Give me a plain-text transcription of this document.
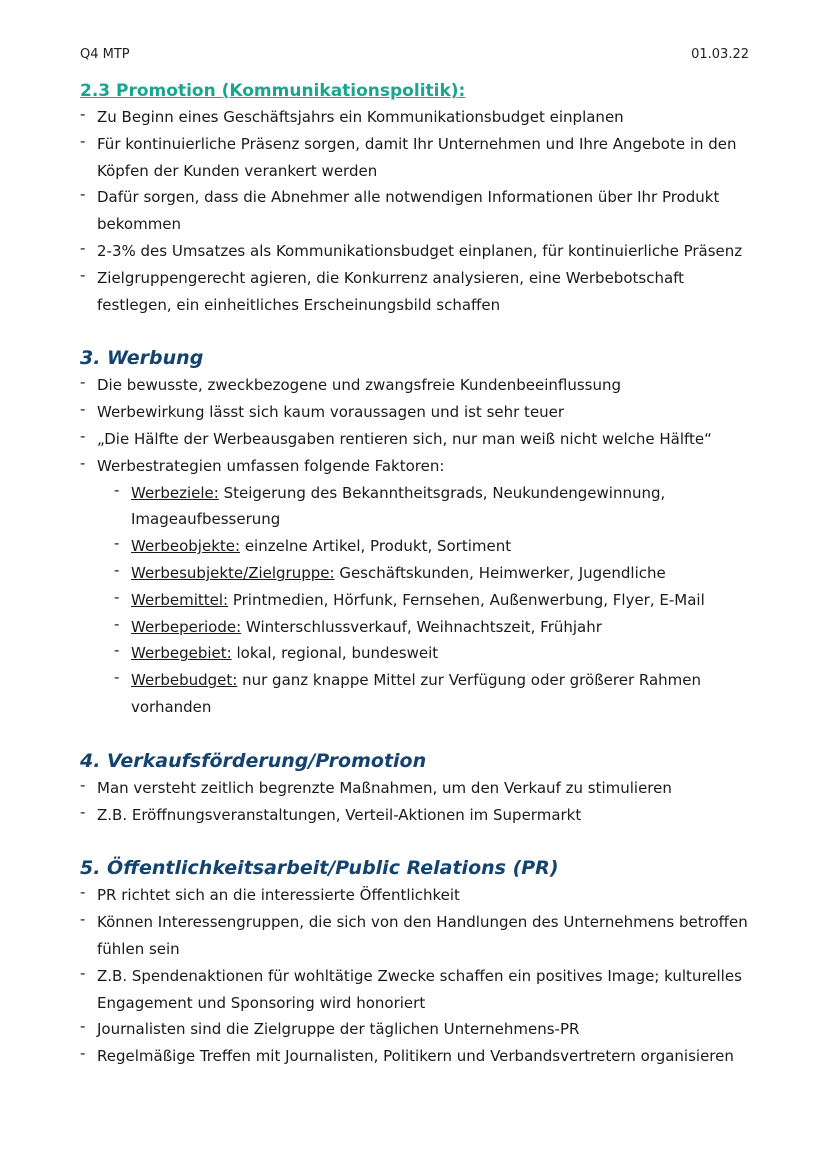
Q4 MTP	01.03.22
2.3 Promotion (Kommunikationspolitik):
- Zu Beginn eines Geschäftsjahrs ein Kommunikationsbudget einplanen
- Für kontinuierliche Präsenz sorgen, damit Ihr Unternehmen und Ihre Angebote in den Köpfen der Kunden verankert werden
- Dafür sorgen, dass die Abnehmer alle notwendigen Informationen über Ihr Produkt bekommen
- 2-3% des Umsatzes als Kommunikationsbudget einplanen, für kontinuierliche Präsenz
- Zielgruppengerecht agieren, die Konkurrenz analysieren, eine Werbebotschaft festlegen, ein einheitliches Erscheinungsbild schaffen
3. Werbung
- Die bewusste, zweckbezogene und zwangsfreie Kundenbeeinflussung
- Werbewirkung lässt sich kaum voraussagen und ist sehr teuer
- „Die Hälfte der Werbeausgaben rentieren sich, nur man weiß nicht welche Hälfte“
- Werbestrategien umfassen folgende Faktoren:
- Werbeziele: Steigerung des Bekanntheitsgrads, Neukundengewinnung, Imageaufbesserung
- Werbeobjekte: einzelne Artikel, Produkt, Sortiment
- Werbesubjekte/Zielgruppe: Geschäftskunden, Heimwerker, Jugendliche
- Werbemittel: Printmedien, Hörfunk, Fernsehen, Außenwerbung, Flyer, E-Mail
- Werbeperiode: Winterschlussverkauf, Weihnachtszeit, Frühjahr
- Werbegebiet: lokal, regional, bundesweit
- Werbebudget: nur ganz knappe Mittel zur Verfügung oder größerer Rahmen vorhanden
4. Verkaufsförderung/Promotion
- Man versteht zeitlich begrenzte Maßnahmen, um den Verkauf zu stimulieren
- Z.B. Eröffnungsveranstaltungen, Verteil-Aktionen im Supermarkt
5. Öffentlichkeitsarbeit/Public Relations (PR)
- PR richtet sich an die interessierte Öffentlichkeit
- Können Interessengruppen, die sich von den Handlungen des Unternehmens betroffen fühlen sein
- Z.B. Spendenaktionen für wohltätige Zwecke schaffen ein positives Image; kulturelles Engagement und Sponsoring wird honoriert
- Journalisten sind die Zielgruppe der täglichen Unternehmens-PR
- Regelmäßige Treffen mit Journalisten, Politikern und Verbandsvertretern organisieren
